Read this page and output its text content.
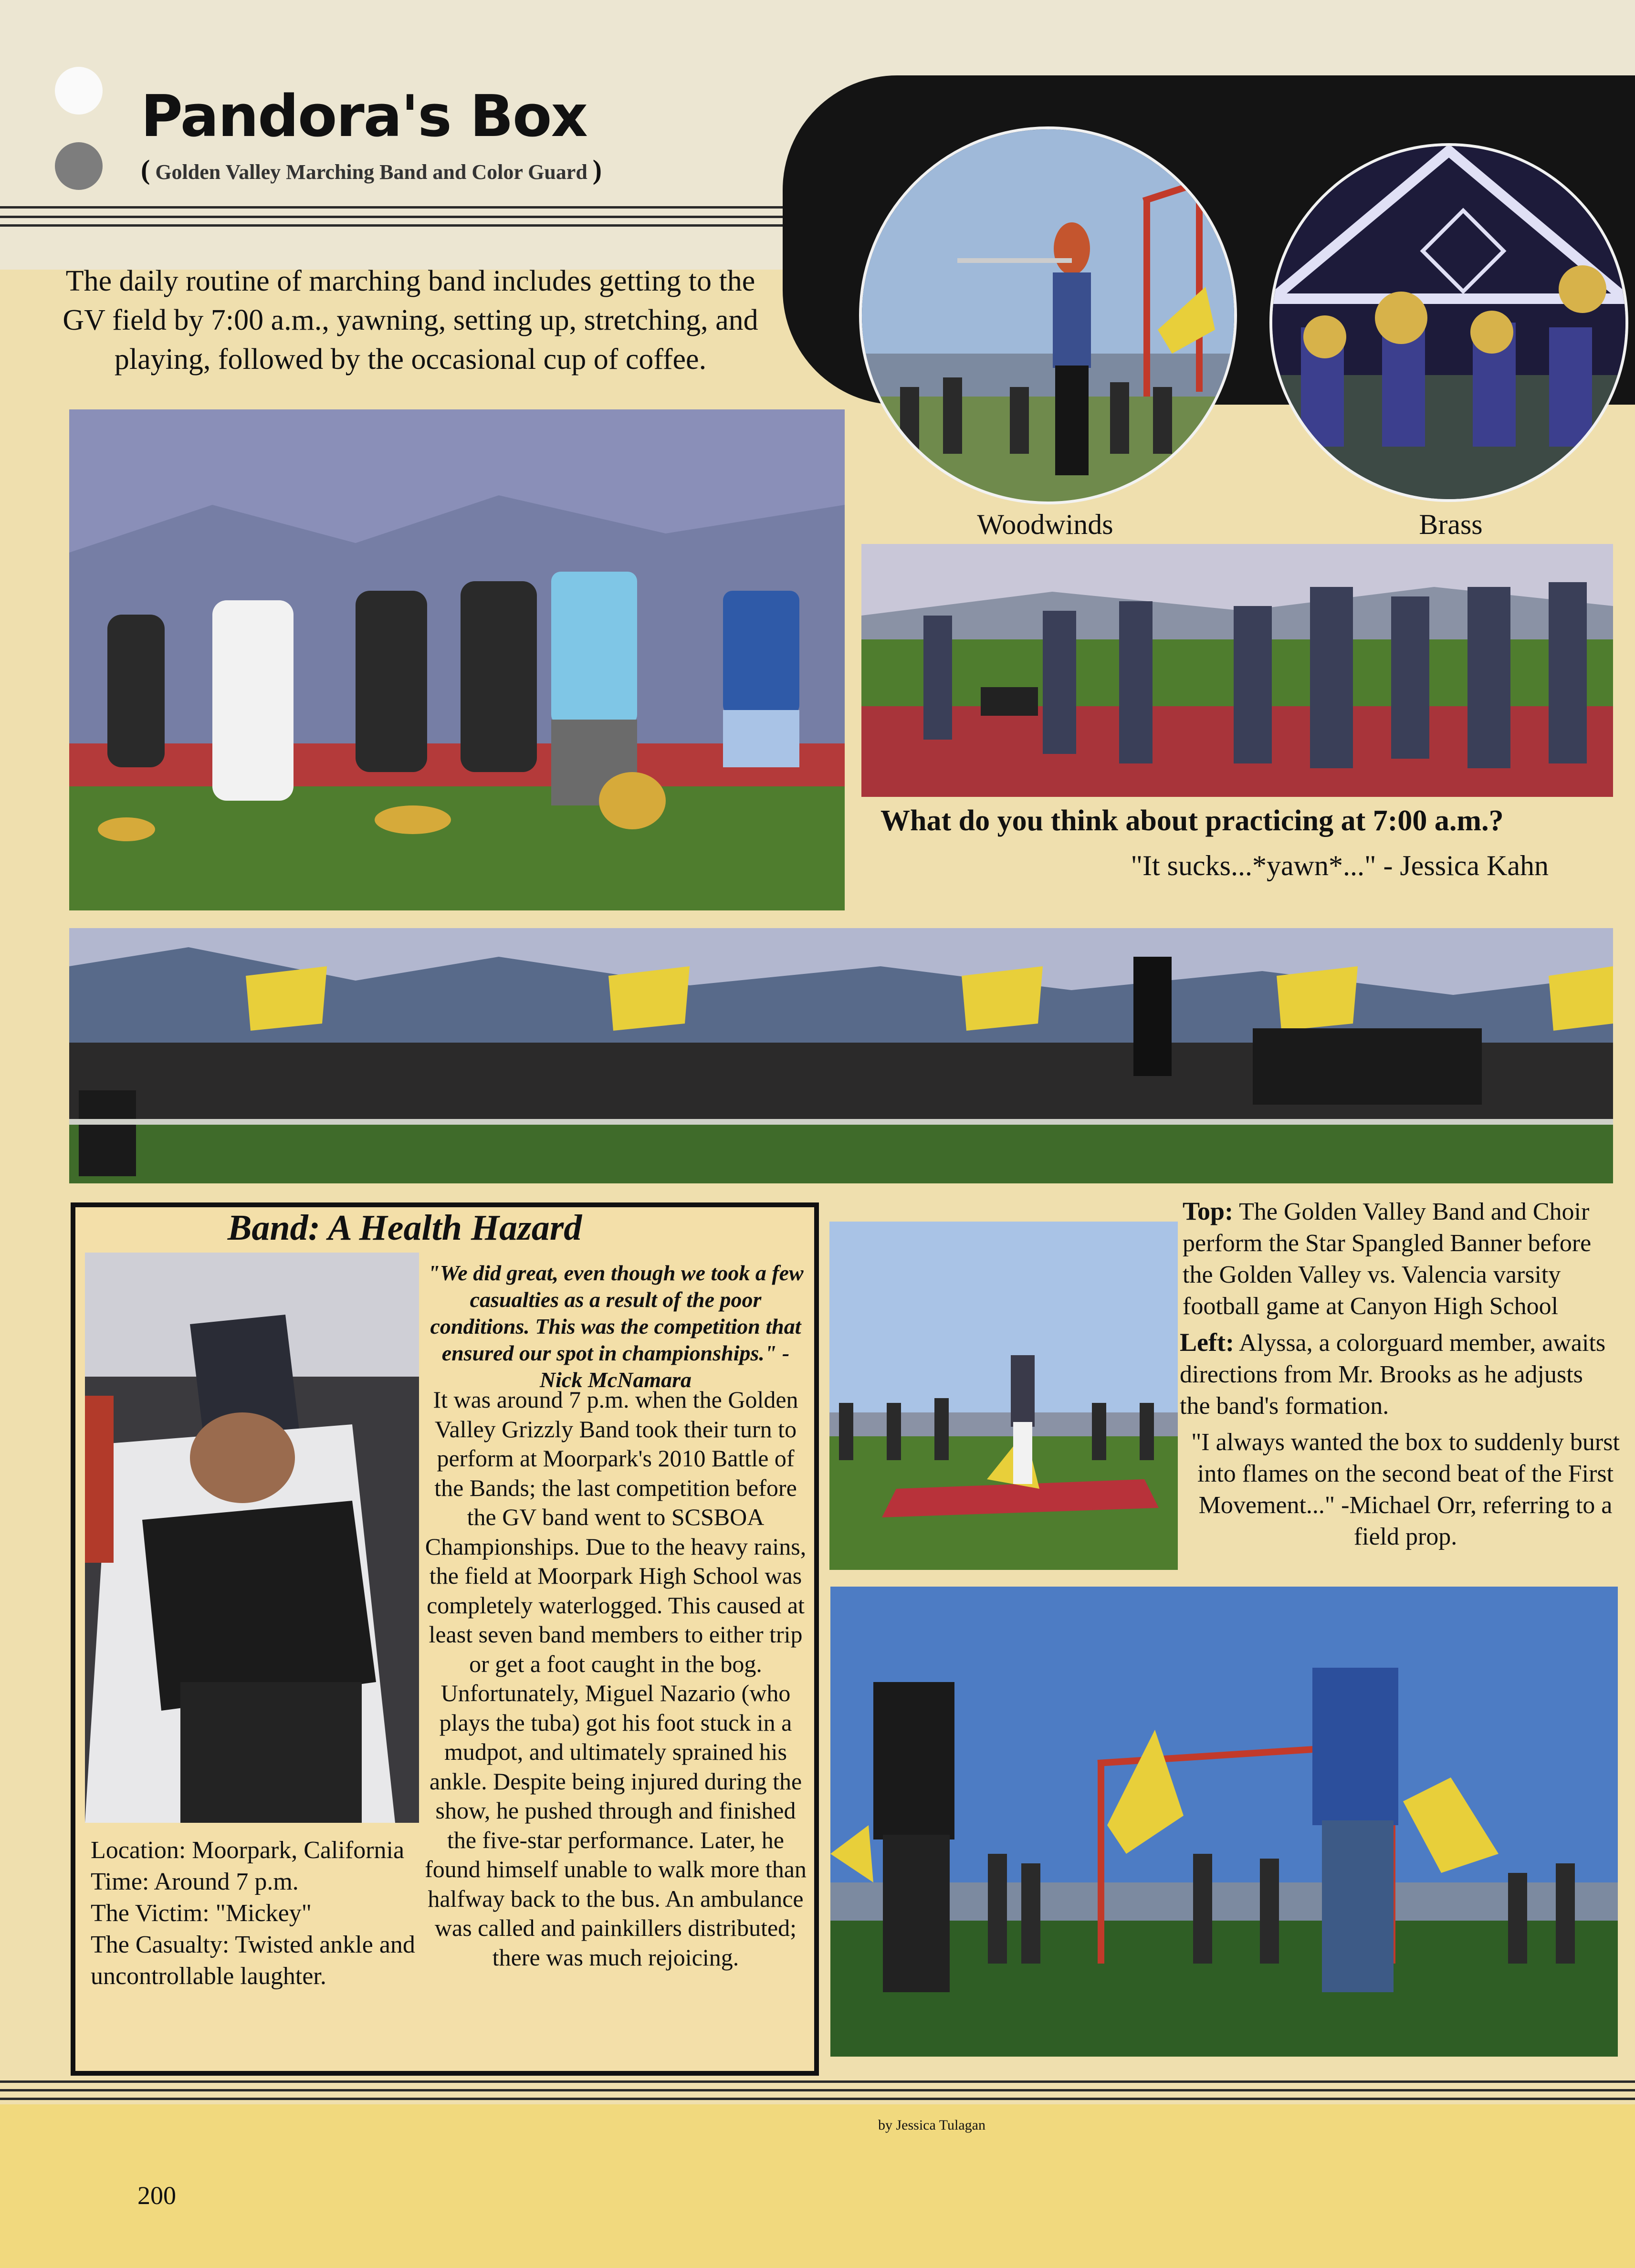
Pandora's Box
( Golden Valley Marching Band and Color Guard )
Woodwinds	Brass
The daily routine of marching band includes getting to the GV field by 7:00 a.m., yawning, setting up, stretching, and playing, followed by the occasional cup of coffee.
What do you think about practicing at 7:00 a.m.?
"It sucks...*yawn*..." - Jessica Kahn
Band: A Health Hazard
"We did great, even though we took a few casualties as a result of the poor conditions. This was the competition that ensured our spot in championships." -Nick McNamara
It was around 7 p.m. when the Golden Valley Grizzly Band took their turn to perform at Moorpark's 2010 Battle of the Bands; the last competition before the GV band went to SCSBOA Championships. Due to the heavy rains, the field at Moorpark High School was completely waterlogged. This caused at least seven band members to either trip or get a foot caught in the bog. Unfortunately, Miguel Nazario (who plays the tuba) got his foot stuck in a mudpot, and ultimately sprained his ankle. Despite being injured during the show, he pushed through and finished the five-star performance. Later, he found himself unable to walk more than halfway back to the bus. An ambulance was called and painkillers distributed; there was much rejoicing.
Location: Moorpark, California
Time: Around 7 p.m.
The Victim: "Mickey"
The Casualty: Twisted ankle and uncontrollable laughter.
Top: The Golden Valley Band and Choir perform the Star Spangled Banner before the Golden Valley vs. Valencia varsity football game at Canyon High School
Left: Alyssa, a colorguard member, awaits directions from Mr. Brooks as he adjusts the band's formation.
"I always wanted the box to suddenly burst into flames on the second beat of the First Movement..." -Michael Orr, referring to a field prop.
by Jessica Tulagan
200
